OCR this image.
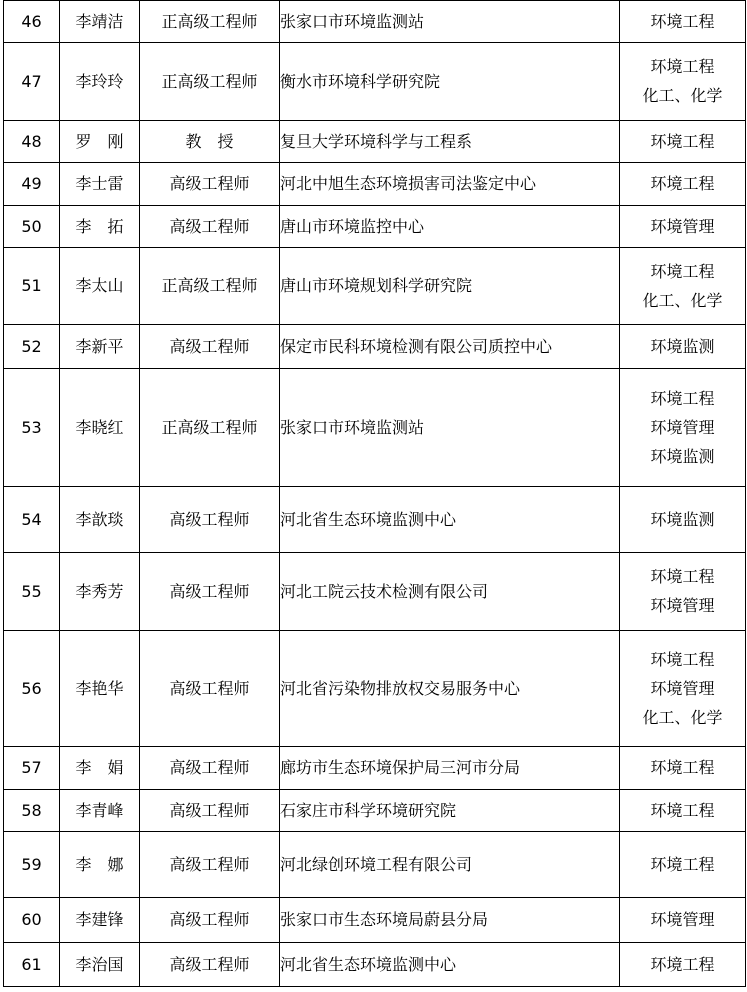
46	李靖洁	正高级工程师	张家口市环境监测站	环境工程

47	李玲玲	正高级工程师	衡水市环境科学研究院	环境工程
化工、化学

48	罗　刚	教　授	复旦大学环境科学与工程系	环境工程

49	李士雷	高级工程师	河北中旭生态环境损害司法鉴定中心	环境工程

50	李　拓	高级工程师	唐山市环境监控中心	环境管理

51	李太山	正高级工程师	唐山市环境规划科学研究院	环境工程
化工、化学

52	李新平	高级工程师	保定市民科环境检测有限公司质控中心	环境监测

53	李晓红	正高级工程师	张家口市环境监测站	环境工程
环境管理
环境监测

54	李歆琰	高级工程师	河北省生态环境监测中心	环境监测

55	李秀芳	高级工程师	河北工院云技术检测有限公司	环境工程
环境管理

56	李艳华	高级工程师	河北省污染物排放权交易服务中心	环境工程
环境管理
化工、化学

57	李　娟	高级工程师	廊坊市生态环境保护局三河市分局	环境工程

58	李青峰	高级工程师	石家庄市科学环境研究院	环境工程

59	李　娜	高级工程师	河北绿创环境工程有限公司	环境工程

60	李建锋	高级工程师	张家口市生态环境局蔚县分局	环境管理

61	李治国	高级工程师	河北省生态环境监测中心	环境工程
